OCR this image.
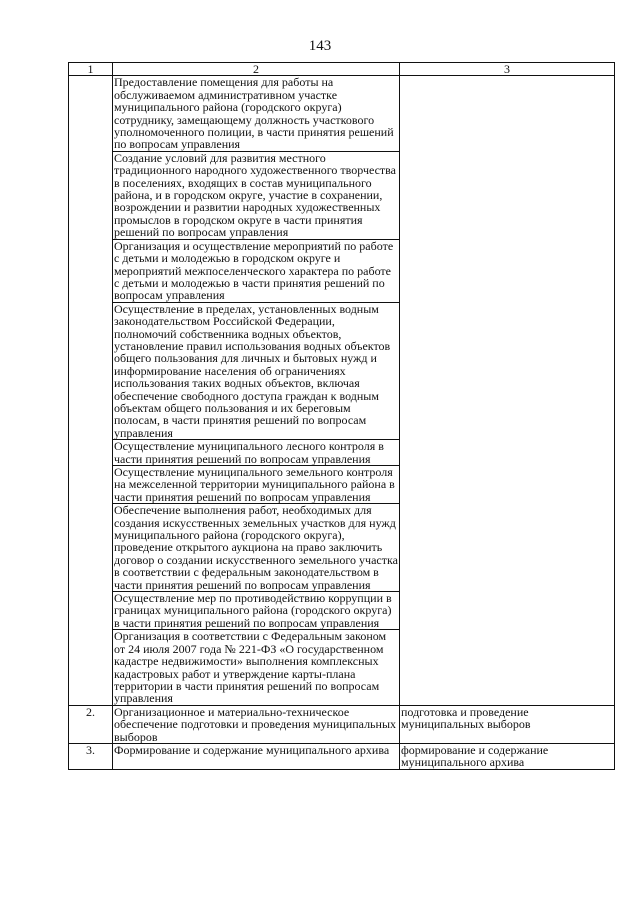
143
1	2	3
	Предоставление помещения для работы на обслуживаемом административном участке муниципального района (городского округа) сотруднику, замещающему должность участкового уполномоченного полиции, в части принятия решений по вопросам управления	
	Создание условий для развития местного традиционного народного художественного творчества в поселениях, входящих в состав муниципального района, и в городском округе, участие в сохранении, возрождении и развитии народных художественных промыслов в городском округе в части принятия решений по вопросам управления	
	Организация и осуществление мероприятий по работе с детьми и молодежью в городском округе и мероприятий межпоселенческого характера по работе с детьми и молодежью в части принятия решений по вопросам управления	
	Осуществление в пределах, установленных водным законодательством Российской Федерации, полномочий собственника водных объектов, установление правил использования водных объектов общего пользования для личных и бытовых нужд и информирование населения об ограничениях использования таких водных объектов, включая обеспечение свободного доступа граждан к водным объектам общего пользования и их береговым полосам, в части принятия решений по вопросам управления	
	Осуществление муниципального лесного контроля в части принятия решений по вопросам управления	
	Осуществление муниципального земельного контроля на межселенной территории муниципального района в части принятия решений по вопросам управления	
	Обеспечение выполнения работ, необходимых для создания искусственных земельных участков для нужд муниципального района (городского округа), проведение открытого аукциона на право заключить договор о создании искусственного земельного участка в соответствии с федеральным законодательством в части принятия решений по вопросам управления	
	Осуществление мер по противодействию коррупции в границах муниципального района (городского округа) в части принятия решений по вопросам управления	
	Организация в соответствии с Федеральным законом от 24 июля 2007 года № 221-ФЗ «О государственном кадастре недвижимости» выполнения комплексных кадастровых работ и утверждение карты-плана территории в части принятия решений по вопросам управления	
2.	Организационное и материально-техническое обеспечение подготовки и проведения муниципальных выборов	подготовка и проведение муниципальных выборов
3.	Формирование и содержание муниципального архива	формирование и содержание муниципального архива
